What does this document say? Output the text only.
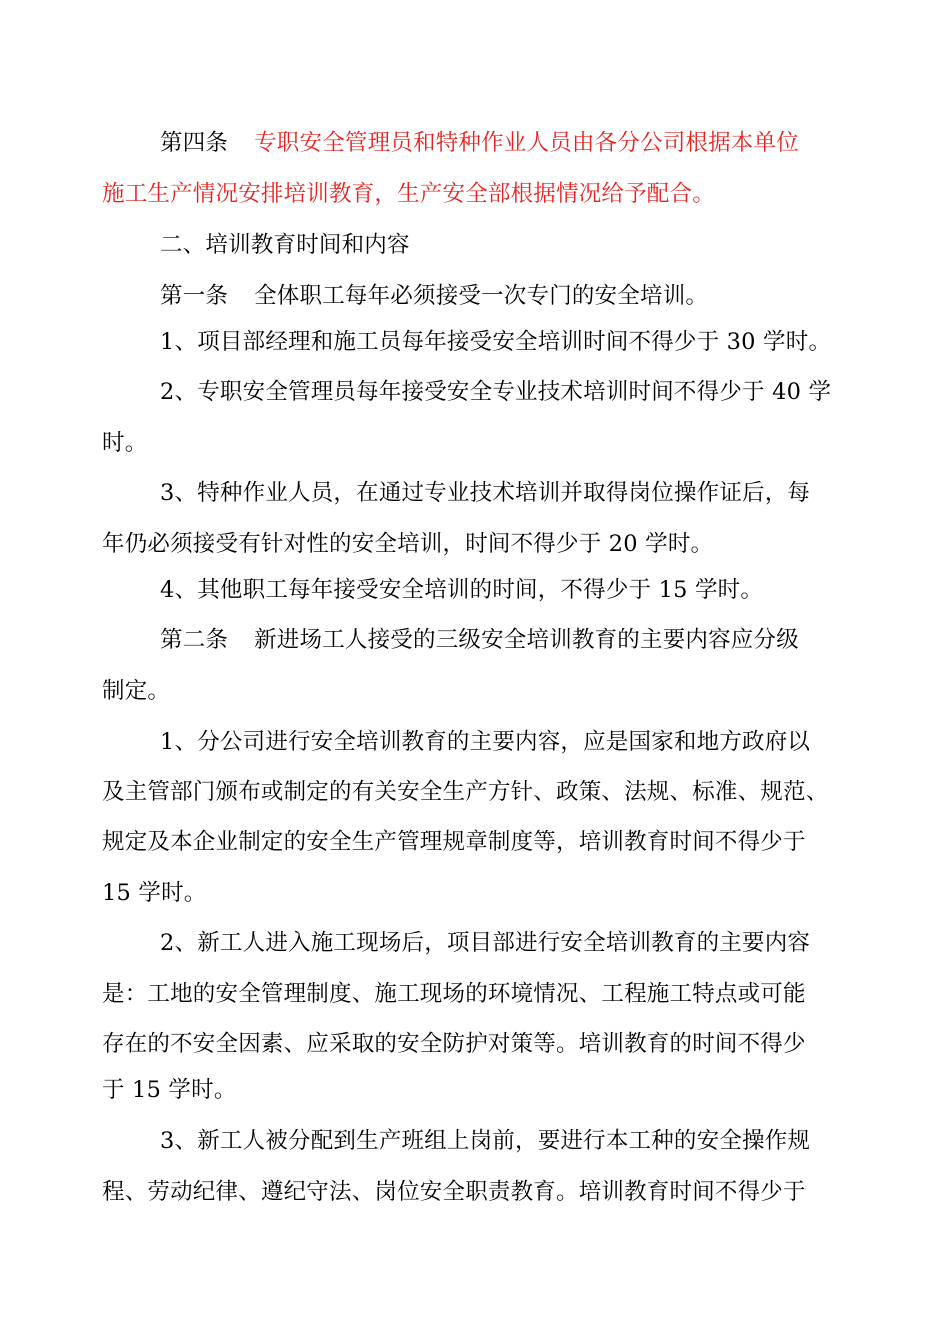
第四条 专职安全管理员和特种作业人员由各分公司根据本单位
施工生产情况安排培训教育，生产安全部根据情况给予配合。
二、培训教育时间和内容
第一条 全体职工每年必须接受一次专门的安全培训。
1、项目部经理和施工员每年接受安全培训时间不得少于 30 学时。
2、专职安全管理员每年接受安全专业技术培训时间不得少于 40 学
时。
3、特种作业人员，在通过专业技术培训并取得岗位操作证后，每
年仍必须接受有针对性的安全培训，时间不得少于 20 学时。
4、其他职工每年接受安全培训的时间，不得少于 15 学时。
第二条 新进场工人接受的三级安全培训教育的主要内容应分级
制定。
1、分公司进行安全培训教育的主要内容，应是国家和地方政府以
及主管部门颁布或制定的有关安全生产方针、政策、法规、标准、规范、
规定及本企业制定的安全生产管理规章制度等，培训教育时间不得少于
15 学时。
2、新工人进入施工现场后，项目部进行安全培训教育的主要内容
是：工地的安全管理制度、施工现场的环境情况、工程施工特点或可能
存在的不安全因素、应采取的安全防护对策等。培训教育的时间不得少
于 15 学时。
3、新工人被分配到生产班组上岗前，要进行本工种的安全操作规
程、劳动纪律、遵纪守法、岗位安全职责教育。培训教育时间不得少于
